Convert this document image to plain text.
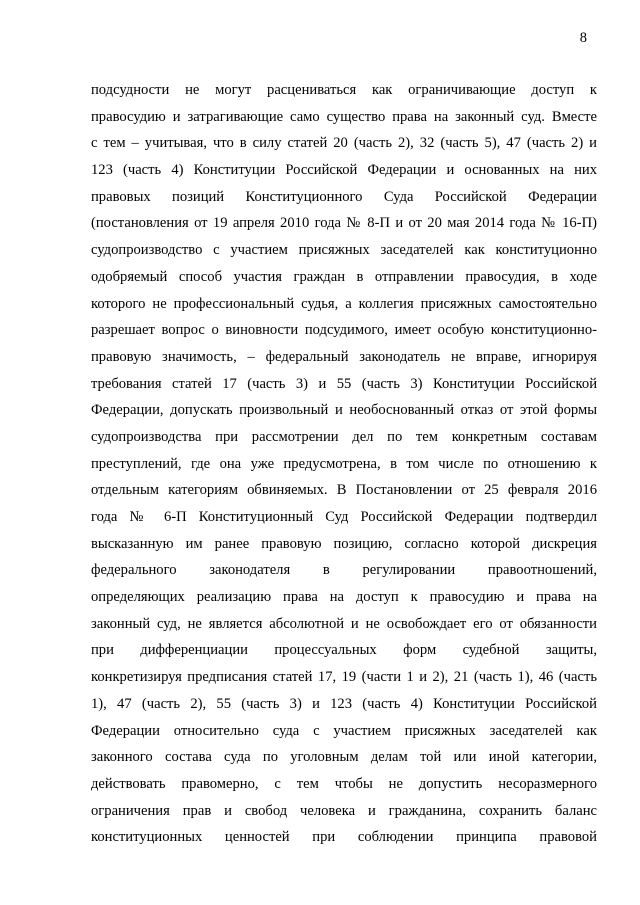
8
подсудности не могут расцениваться как ограничивающие доступ к
правосудию и затрагивающие само существо права на законный суд. Вместе
с тем – учитывая, что в силу статей 20 (часть 2), 32 (часть 5), 47 (часть 2) и
123 (часть 4) Конституции Российской Федерации и основанных на них
правовых позиций Конституционного Суда Российской Федерации
(постановления от 19 апреля 2010 года № 8-П и от 20 мая 2014 года № 16-П)
судопроизводство с участием присяжных заседателей как конституционно
одобряемый способ участия граждан в отправлении правосудия, в ходе
которого не профессиональный судья, а коллегия присяжных самостоятельно
разрешает вопрос о виновности подсудимого, имеет особую конституционно-
правовую значимость, – федеральный законодатель не вправе, игнорируя
требования статей 17 (часть 3) и 55 (часть 3) Конституции Российской
Федерации, допускать произвольный и необоснованный отказ от этой формы
судопроизводства при рассмотрении дел по тем конкретным составам
преступлений, где она уже предусмотрена, в том числе по отношению к
отдельным категориям обвиняемых. В Постановлении от 25 февраля 2016
года № 6-П Конституционный Суд Российской Федерации подтвердил
высказанную им ранее правовую позицию, согласно которой дискреция
федерального законодателя в регулировании правоотношений,
определяющих реализацию права на доступ к правосудию и права на
законный суд, не является абсолютной и не освобождает его от обязанности
при дифференциации процессуальных форм судебной защиты,
конкретизируя предписания статей 17, 19 (части 1 и 2), 21 (часть 1), 46 (часть
1), 47 (часть 2), 55 (часть 3) и 123 (часть 4) Конституции Российской
Федерации относительно суда с участием присяжных заседателей как
законного состава суда по уголовным делам той или иной категории,
действовать правомерно, с тем чтобы не допустить несоразмерного
ограничения прав и свобод человека и гражданина, сохранить баланс
конституционных ценностей при соблюдении принципа правовой
